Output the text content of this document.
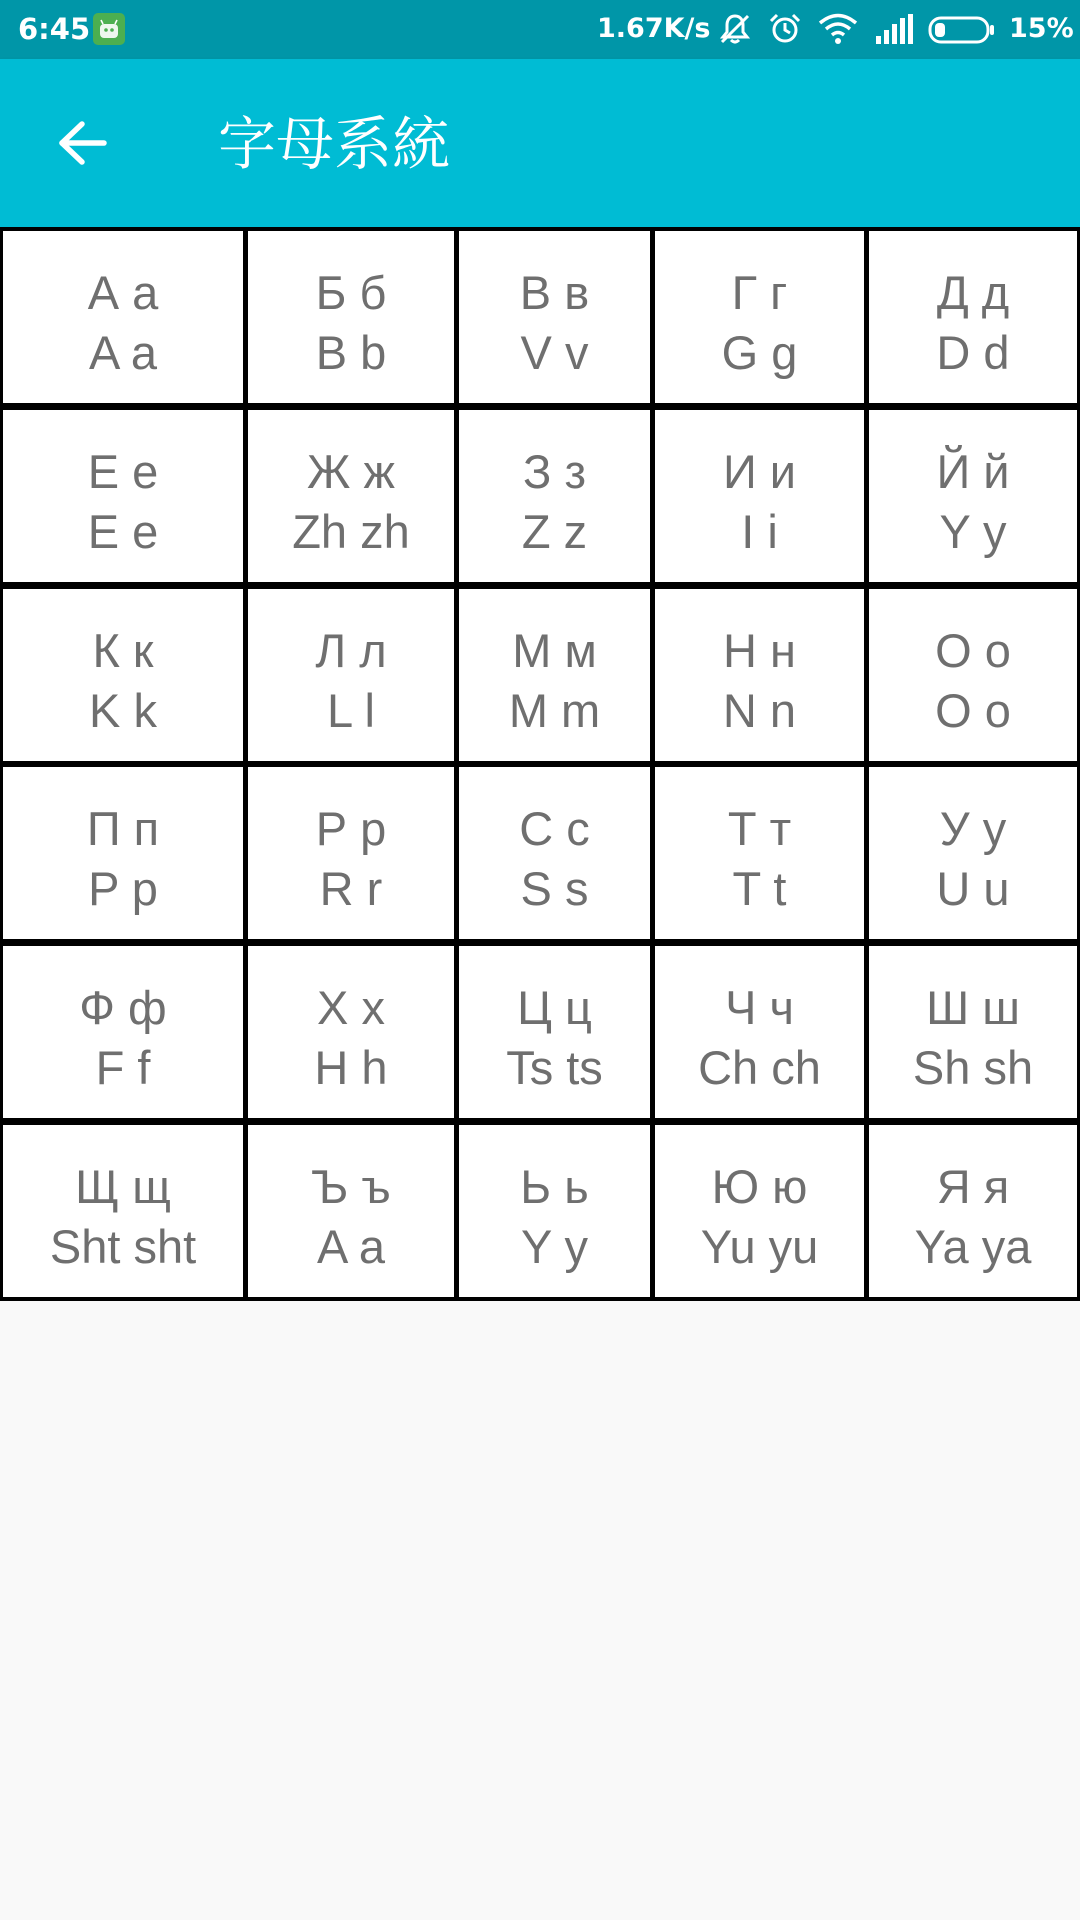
6:45	1.67K/s	15%
字母系統
А а
A a
Б б
B b
В в
V v
Г г
G g
Д д
D d
Е е
E e
Ж ж
Zh zh
З з
Z z
И и
I i
Й й
Y y
К к
K k
Л л
L l
М м
M m
Н н
N n
О о
O o
П п
P p
Р р
R r
С с
S s
Т т
T t
У у
U u
Ф ф
F f
Х х
H h
Ц ц
Ts ts
Ч ч
Ch ch
Ш ш
Sh sh
Щ щ
Sht sht
Ъ ъ
A a
Ь ь
Y y
Ю ю
Yu yu
Я я
Ya ya
